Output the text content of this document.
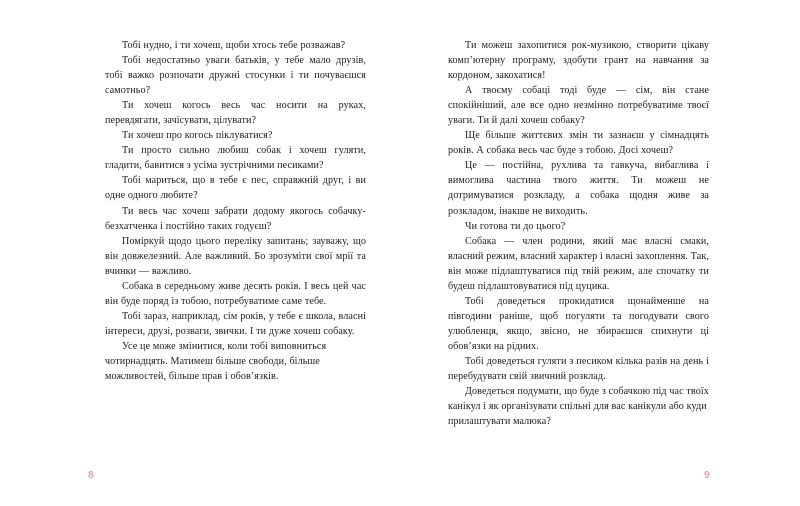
Тобі нудно, і ти хочеш, щоби хтось тебе розважав?

Тобі недостатньо уваги батьків, у тебе мало друзів, тобі важко розпочати дружні стосунки і ти почуваєшся самотньо?

Ти хочеш когось весь час носити на руках, перевдягати, зачісувати, цілувати?

Ти хочеш про когось піклуватися?

Ти просто сильно любиш собак і хочеш гуляти, гладити, бавитися з усіма зустрічними песиками?

Тобі мариться, що в тебе є пес, справжній друг, і ви одне одного любите?

Ти весь час хочеш забрати додому якогось собачку-безхатченка і постійно таких годуєш?

Поміркуй щодо цього переліку запитань; зауважу, що він довжелезний. Але важливий. Бо зрозуміти свої мрії та вчинки — важливо.

Собака в середньому живе десять років. І весь цей час він буде поряд із тобою, потребуватиме саме тебе.

Тобі зараз, наприклад, сім років, у тебе є школа, власні інтереси, друзі, розваги, звички. І ти дуже хочеш собаку.

Усе це може змінитися, коли тобі виповниться чотирнадцять. Матимеш більше свободи, більше можливостей, більше прав і обов’язків.

8

Ти можеш захопитися рок-музикою, створити цікаву комп’ютерну програму, здобути грант на навчання за кордоном, закохатися!

А твоєму собаці тоді буде — сім, він стане спокійніший, але все одно незмінно потребуватиме твоєї уваги. Ти й далі хочеш собаку?

Ще більше життєвих змін ти зазнаєш у сімнадцять років. А собака весь час буде з тобою. Досі хочеш?

Це — постійна, рухлива та гавкуча, вибаглива і вимоглива частина твого життя. Ти можеш не дотримуватися розкладу, а собака щодня живе за розкладом, інакше не виходить.

Чи готова ти до цього?

Собака — член родини, який має власні смаки, власний режим, власний характер і власні захоплення. Так, він може підлаштуватися під твій режим, але спочатку ти будеш підлаштовуватися під цуцика.

Тобі доведеться прокидатися щонайменше на півгодини раніше, щоб погуляти та погодувати свого улюбленця, якщо, звісно, не збираєшся спихнути ці обов’язки на рідних.

Тобі доведеться гуляти з песиком кілька разів на день і перебудувати свій звичний розклад.

Доведеться подумати, що буде з собачкою під час твоїх канікул і як організувати спільні для вас канікули або куди прилаштувати малюка?

9
